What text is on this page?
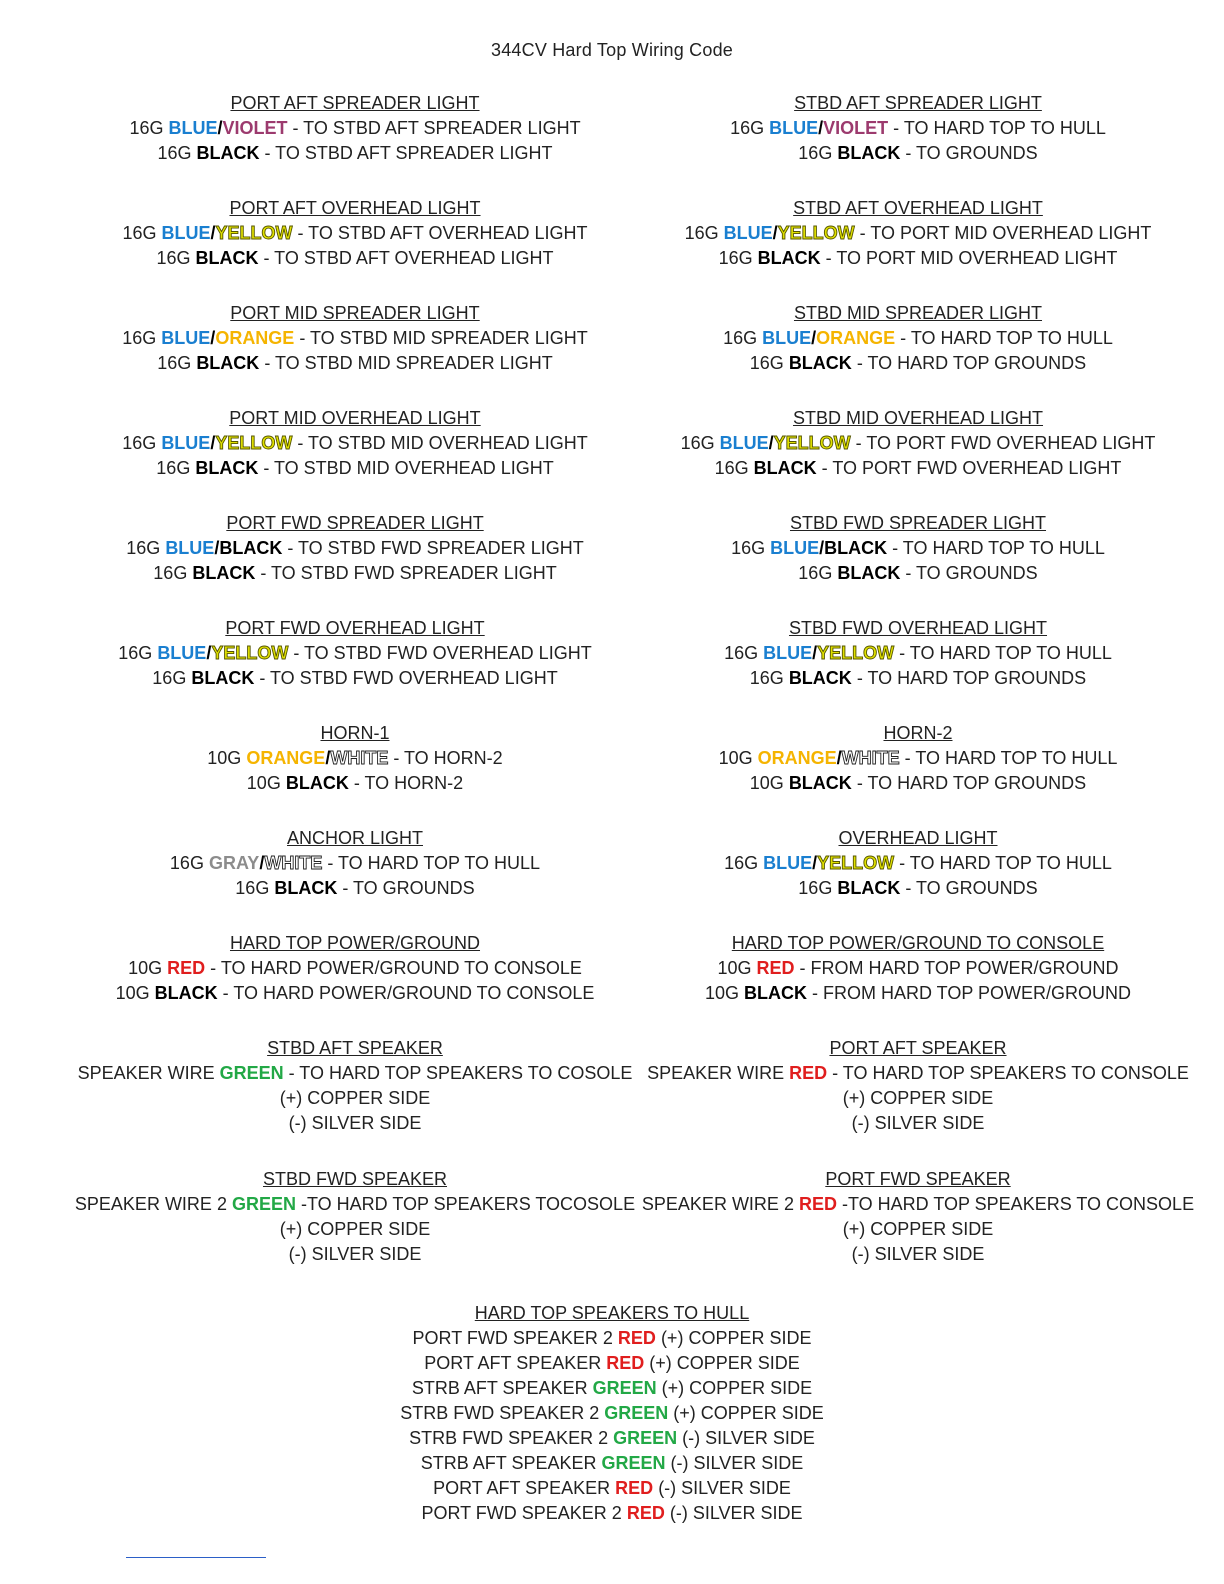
344CV Hard Top Wiring Code
PORT AFT SPREADER LIGHT
16G BLUE/VIOLET - TO STBD AFT SPREADER LIGHT
16G BLACK - TO STBD AFT SPREADER LIGHT
PORT AFT OVERHEAD LIGHT
16G BLUE/YELLOW - TO STBD AFT OVERHEAD LIGHT
16G BLACK - TO STBD AFT OVERHEAD LIGHT
PORT MID SPREADER LIGHT
16G BLUE/ORANGE - TO STBD MID SPREADER LIGHT
16G BLACK - TO STBD MID SPREADER LIGHT
PORT MID OVERHEAD LIGHT
16G BLUE/YELLOW - TO STBD MID OVERHEAD LIGHT
16G BLACK - TO STBD MID OVERHEAD LIGHT
PORT FWD SPREADER LIGHT
16G BLUE/BLACK - TO STBD FWD SPREADER LIGHT
16G BLACK - TO STBD FWD SPREADER LIGHT
PORT FWD OVERHEAD LIGHT
16G BLUE/YELLOW - TO STBD FWD OVERHEAD LIGHT
16G BLACK - TO STBD FWD OVERHEAD LIGHT
HORN-1
10G ORANGE/WHITE - TO HORN-2
10G BLACK - TO HORN-2
ANCHOR LIGHT
16G GRAY/WHITE - TO HARD TOP TO HULL
16G BLACK - TO GROUNDS
HARD TOP POWER/GROUND
10G RED - TO HARD POWER/GROUND TO CONSOLE
10G BLACK - TO HARD POWER/GROUND TO CONSOLE
STBD AFT SPEAKER
SPEAKER WIRE GREEN - TO HARD TOP SPEAKERS TO COSOLE
(+) COPPER SIDE
(-) SILVER SIDE
STBD FWD SPEAKER
SPEAKER WIRE 2 GREEN -TO HARD TOP SPEAKERS TOCOSOLE
(+) COPPER SIDE
(-) SILVER SIDE
STBD AFT SPREADER LIGHT
16G BLUE/VIOLET - TO HARD TOP TO HULL
16G BLACK - TO GROUNDS
STBD AFT OVERHEAD LIGHT
16G BLUE/YELLOW - TO PORT MID OVERHEAD LIGHT
16G BLACK - TO PORT MID OVERHEAD LIGHT
STBD MID SPREADER LIGHT
16G BLUE/ORANGE - TO HARD TOP TO HULL
16G BLACK - TO HARD TOP GROUNDS
STBD MID OVERHEAD LIGHT
16G BLUE/YELLOW - TO PORT FWD OVERHEAD LIGHT
16G BLACK - TO PORT FWD OVERHEAD LIGHT
STBD FWD SPREADER LIGHT
16G BLUE/BLACK - TO HARD TOP TO HULL
16G BLACK - TO GROUNDS
STBD FWD OVERHEAD LIGHT
16G BLUE/YELLOW - TO HARD TOP TO HULL
16G BLACK - TO HARD TOP GROUNDS
HORN-2
10G ORANGE/WHITE - TO HARD TOP TO HULL
10G BLACK - TO HARD TOP GROUNDS
OVERHEAD LIGHT
16G BLUE/YELLOW - TO HARD TOP TO HULL
16G BLACK - TO GROUNDS
HARD TOP POWER/GROUND TO CONSOLE
10G RED - FROM HARD TOP POWER/GROUND
10G BLACK - FROM HARD TOP POWER/GROUND
PORT AFT SPEAKER
SPEAKER WIRE RED - TO HARD TOP SPEAKERS TO CONSOLE
(+) COPPER SIDE
(-) SILVER SIDE
PORT FWD SPEAKER
SPEAKER WIRE 2 RED -TO HARD TOP SPEAKERS TO CONSOLE
(+) COPPER SIDE
(-) SILVER SIDE
HARD TOP SPEAKERS TO HULL
PORT FWD SPEAKER 2 RED (+) COPPER SIDE
PORT AFT SPEAKER RED (+) COPPER SIDE
STRB AFT SPEAKER GREEN (+) COPPER SIDE
STRB FWD SPEAKER 2 GREEN (+) COPPER SIDE
STRB FWD SPEAKER 2 GREEN (-) SILVER SIDE
STRB AFT SPEAKER GREEN (-) SILVER SIDE
PORT AFT SPEAKER RED (-) SILVER SIDE
PORT FWD SPEAKER 2 RED (-) SILVER SIDE
